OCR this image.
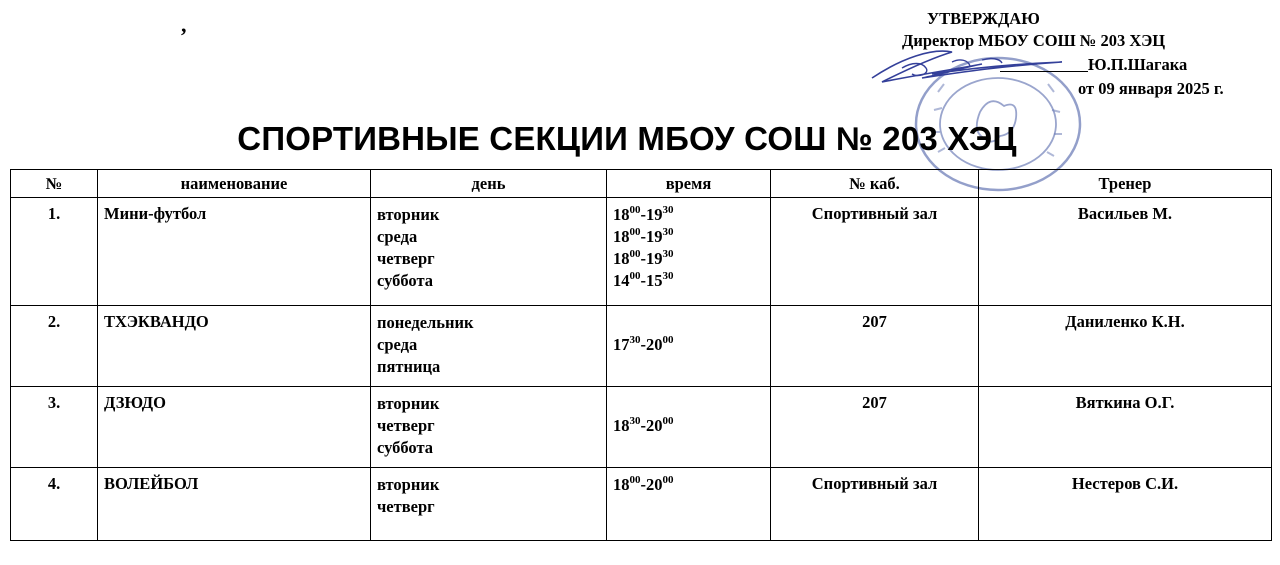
,	УТВЕРЖДАЮ
Директор МБОУ СОШ № 203 ХЭЦ
Ю.П.Шагака
от 09 января 2025 г.
СПОРТИВНЫЕ СЕКЦИИ МБОУ СОШ № 203 ХЭЦ
№	наименование	день	время	№ каб.	Тренер
1.	Мини-футбол	вторник
среда
четверг
суббота	$18^{00}-19^{30}$
$18^{00}-19^{30}$
$18^{00}-19^{30}$
$14^{00}-15^{30}$	Спортивный зал	Васильев М.
2.	ТХЭКВАНДО	понедельник
среда
пятница	$17^{30}-20^{00}$	207	Даниленко К.Н.
3.	ДЗЮДО	вторник
четверг
суббота	$18^{30}-20^{00}$	207	Вяткина О.Г.
4.	ВОЛЕЙБОЛ	вторник
четверг	$18^{00}-20^{00}$	Спортивный зал	Нестеров С.И.
